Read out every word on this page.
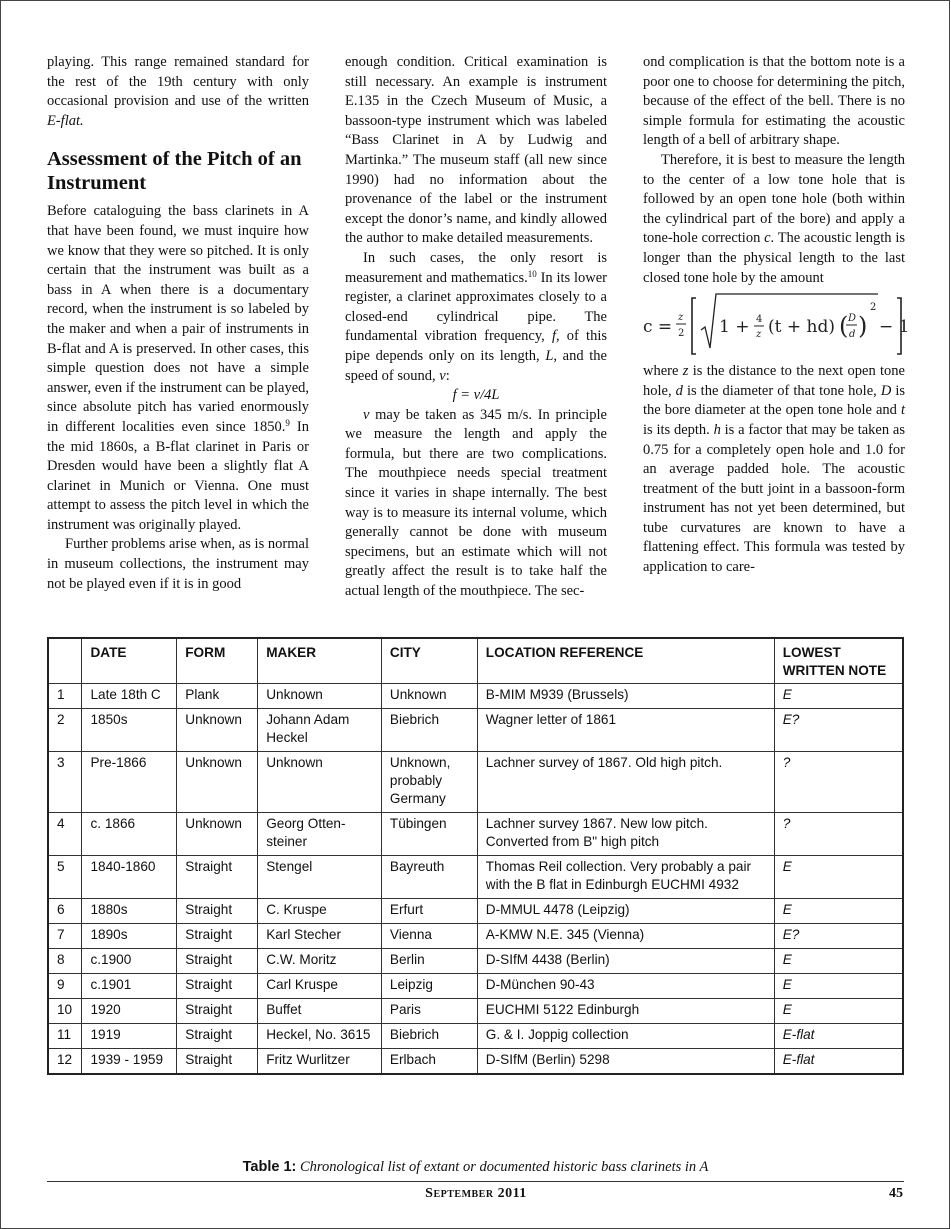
playing. This range remained standard for the rest of the 19th century with only occasional provision and use of the written E-flat.

Assessment of the Pitch of an Instrument

Before cataloguing the bass clarinets in A that have been found, we must inquire how we know that they were so pitched. It is only certain that the instrument was built as a bass in A when there is a documentary record, when the instrument is so labeled by the maker and when a pair of instruments in B-flat and A is preserved. In other cases, this simple question does not have a simple answer, even if the instrument can be played, since absolute pitch has varied enormously in different localities even since 1850.$^9$ In the mid 1860s, a B-flat clarinet in Paris or Dresden would have been a slightly flat A clarinet in Munich or Vienna. One must attempt to assess the pitch level in which the instrument was originally played.

Further problems arise when, as is normal in museum collections, the instrument may not be played even if it is in good

enough condition. Critical examination is still necessary. An example is instrument E.135 in the Czech Museum of Music, a bassoon-type instrument which was labeled “Bass Clarinet in A by Ludwig and Martinka.” The museum staff (all new since 1990) had no information about the provenance of the label or the instrument except the donor’s name, and kindly allowed the author to make detailed measurements.

In such cases, the only resort is measurement and mathematics.$^{10}$ In its lower register, a clarinet approximates closely to a closed-end cylindrical pipe. The fundamental vibration frequency, f, of this pipe depends only on its length, L, and the speed of sound, v:

f = v/4L

v may be taken as 345 m/s. In principle we measure the length and apply the formula, but there are two complications. The mouthpiece needs special treatment since it varies in shape internally. The best way is to measure its internal volume, which generally cannot be done with museum specimens, but an estimate which will not greatly affect the result is to take half the actual length of the mouthpiece. The sec-

ond complication is that the bottom note is a poor one to choose for determining the pitch, because of the effect of the bell. There is no simple formula for estimating the acoustic length of a bell of arbitrary shape.

Therefore, it is best to measure the length to the center of a low tone hole that is followed by an open tone hole (both within the cylindrical part of the bore) and apply a tone-hole correction c. The acoustic length is longer than the physical length to the last closed tone hole by the amount

c = z
2 1 + 4
z (t + hd) ( D
d )
2
− 1

where z is the distance to the next open tone hole, d is the diameter of that tone hole, D is the bore diameter at the open tone hole and t is its depth. h is a factor that may be taken as 0.75 for a completely open hole and 1.0 for an average padded hole. The acoustic treatment of the butt joint in a bassoon-form instrument has not yet been determined, but tube curvatures are known to have a flattening effect. This formula was tested by application to care-

	DATE	FORM	MAKER	CITY	LOCATION REFERENCE	LOWEST WRITTEN NOTE
1	Late 18th C	Plank	Unknown	Unknown	B-MIM M939 (Brussels)	E
2	1850s	Unknown	Johann Adam Heckel	Biebrich	Wagner letter of 1861	E?
3	Pre-1866	Unknown	Unknown	Unknown, probably Germany	Lachner survey of 1867. Old high pitch.	?
4	c. 1866	Unknown	Georg Otten-steiner	Tübingen	Lachner survey 1867. New low pitch. Converted from B" high pitch	?
5	1840-1860	Straight	Stengel	Bayreuth	Thomas Reil collection. Very probably a pair with the B flat in Edinburgh EUCHMI 4932	E
6	1880s	Straight	C. Kruspe	Erfurt	D-MMUL 4478 (Leipzig)	E
7	1890s	Straight	Karl Stecher	Vienna	A-KMW N.E. 345 (Vienna)	E?
8	c.1900	Straight	C.W. Moritz	Berlin	D-SIfM 4438 (Berlin)	E
9	c.1901	Straight	Carl Kruspe	Leipzig	D-München 90-43	E
10	1920	Straight	Buffet	Paris	EUCHMI 5122 Edinburgh	E
11	1919	Straight	Heckel, No. 3615	Biebrich	G. & I. Joppig collection	E-flat
12	1939 - 1959	Straight	Fritz Wurlitzer	Erlbach	D-SIfM (Berlin) 5298	E-flat
Table 1: Chronological list of extant or documented historic bass clarinets in A
September 2011	45
